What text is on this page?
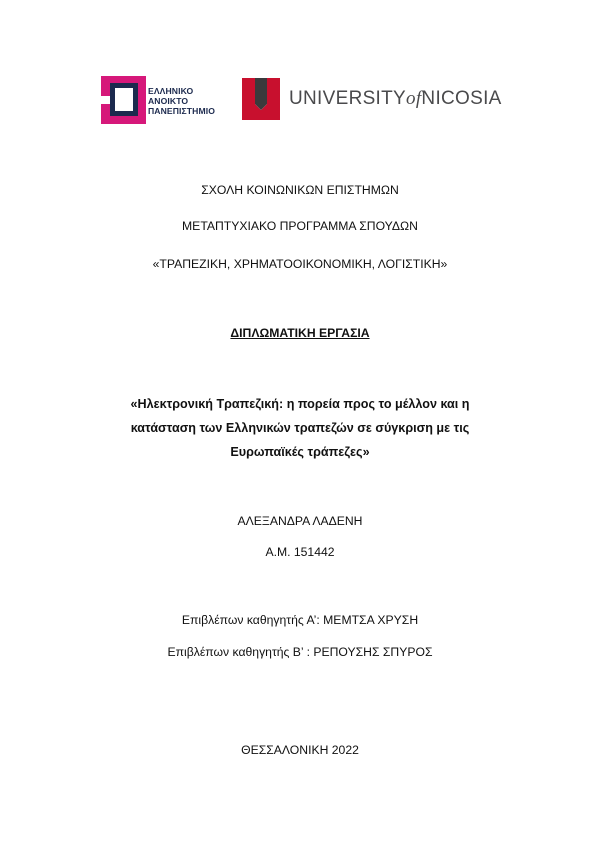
ΕΛΛΗΝΙΚΟ
ΑΝΟΙΚΤΟ
ΠΑΝΕΠΙΣΤΗΜΙΟ
UNIVERSITYofNICOSIA
ΣΧΟΛΗ ΚΟΙΝΩΝΙΚΩΝ ΕΠΙΣΤΗΜΩΝ
ΜΕΤΑΠΤΥΧΙΑΚΟ ΠΡΟΓΡΑΜΜΑ ΣΠΟΥΔΩΝ
«ΤΡΑΠΕΖΙΚΗ, ΧΡΗΜΑΤΟΟΙΚΟΝΟΜΙΚΗ, ΛΟΓΙΣΤΙΚΗ»
ΔΙΠΛΩΜΑΤΙΚΗ ΕΡΓΑΣΙΑ
«Ηλεκτρονική Τραπεζική: η πορεία προς το μέλλον και η
κατάσταση των Ελληνικών τραπεζών σε σύγκριση με τις
Ευρωπαϊκές τράπεζες»
ΑΛΕΞΑΝΔΡΑ ΛΑΔΕΝΗ
Α.Μ. 151442
Επιβλέπων καθηγητής Α’: ΜΕΜΤΣΑ ΧΡΥΣΗ
Επιβλέπων καθηγητής Β’ : ΡΕΠΟΥΣΗΣ ΣΠΥΡΟΣ
ΘΕΣΣΑΛΟΝΙΚΗ 2022
